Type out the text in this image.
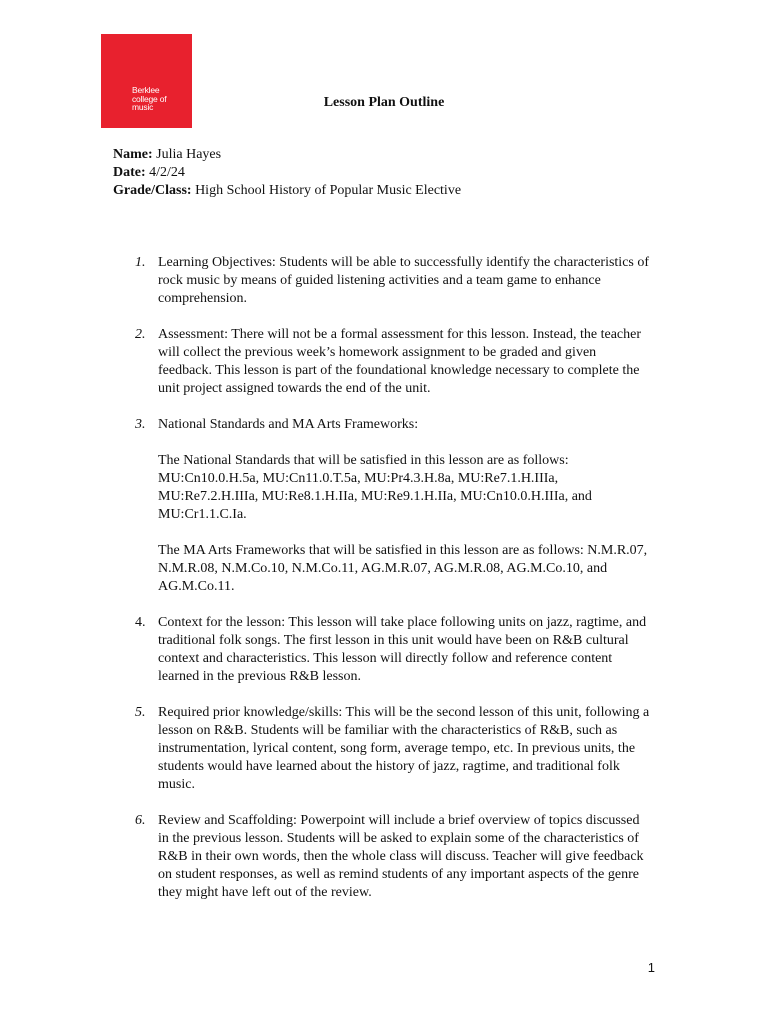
Berklee
college of
music	Lesson Plan Outline
Name: Julia Hayes
Date: 4/2/24
Grade/Class: High School History of Popular Music Elective
1. Learning Objectives: Students will be able to successfully identify the characteristics of rock music by means of guided listening activities and a team game to enhance comprehension.

2. Assessment: There will not be a formal assessment for this lesson. Instead, the teacher will collect the previous week’s homework assignment to be graded and given feedback. This lesson is part of the foundational knowledge necessary to complete the unit project assigned towards the end of the unit.

3. National Standards and MA Arts Frameworks:

The National Standards that will be satisfied in this lesson are as follows: MU:Cn10.0.H.5a, MU:Cn11.0.T.5a, MU:Pr4.3.H.8a, MU:Re7.1.H.IIIa, MU:Re7.2.H.IIIa, MU:Re8.1.H.IIa, MU:Re9.1.H.IIa, MU:Cn10.0.H.IIIa, and MU:Cr1.1.C.Ia.

The MA Arts Frameworks that will be satisfied in this lesson are as follows: N.M.R.07, N.M.R.08, N.M.Co.10, N.M.Co.11, AG.M.R.07, AG.M.R.08, AG.M.Co.10, and AG.M.Co.11.

4. Context for the lesson: This lesson will take place following units on jazz, ragtime, and traditional folk songs. The first lesson in this unit would have been on R&B cultural context and characteristics. This lesson will directly follow and reference content learned in the previous R&B lesson.

5. Required prior knowledge/skills: This will be the second lesson of this unit, following a lesson on R&B. Students will be familiar with the characteristics of R&B, such as instrumentation, lyrical content, song form, average tempo, etc. In previous units, the students would have learned about the history of jazz, ragtime, and traditional folk music.

6. Review and Scaffolding: Powerpoint will include a brief overview of topics discussed in the previous lesson. Students will be asked to explain some of the characteristics of R&B in their own words, then the whole class will discuss. Teacher will give feedback on student responses, as well as remind students of any important aspects of the genre they might have left out of the review.

1
